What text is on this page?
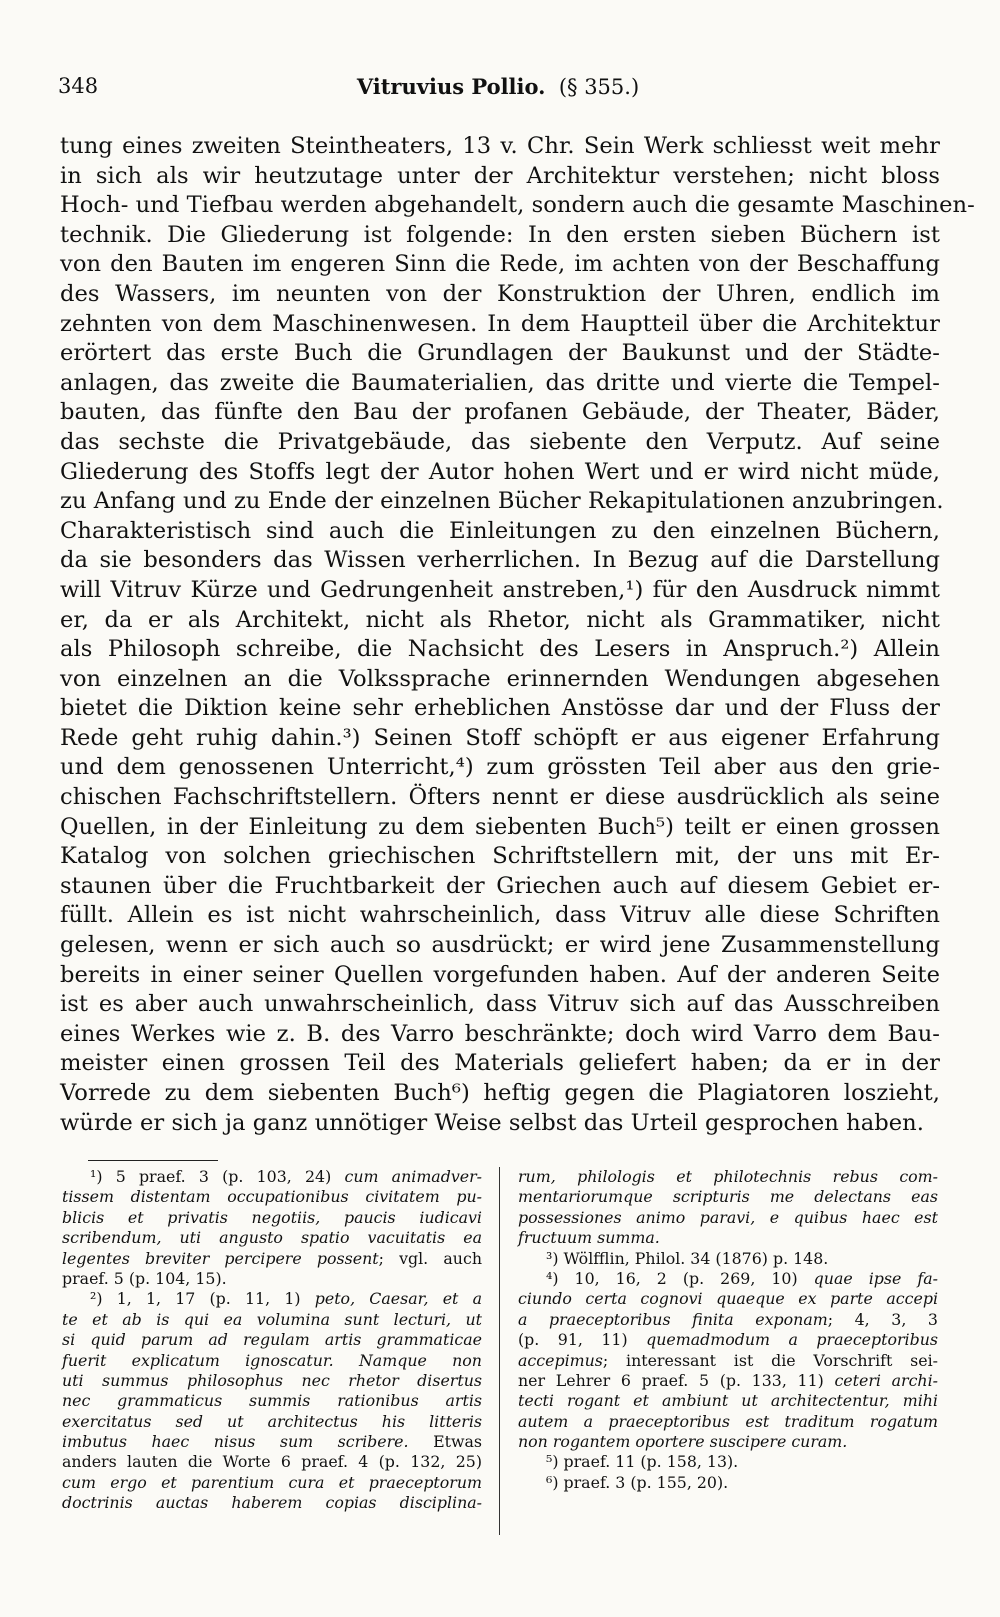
348	Vitruvius Pollio. (§ 355.)
tung eines zweiten Steintheaters, 13 v. Chr. Sein Werk schliesst weit mehr
in sich als wir heutzutage unter der Architektur verstehen; nicht bloss
Hoch- und Tiefbau werden abgehandelt, sondern auch die gesamte Maschinen-
technik. Die Gliederung ist folgende: In den ersten sieben Büchern ist
von den Bauten im engeren Sinn die Rede, im achten von der Beschaffung
des Wassers, im neunten von der Konstruktion der Uhren, endlich im
zehnten von dem Maschinenwesen. In dem Hauptteil über die Architektur
erörtert das erste Buch die Grundlagen der Baukunst und der Städte-
anlagen, das zweite die Baumaterialien, das dritte und vierte die Tempel-
bauten, das fünfte den Bau der profanen Gebäude, der Theater, Bäder,
das sechste die Privatgebäude, das siebente den Verputz. Auf seine
Gliederung des Stoffs legt der Autor hohen Wert und er wird nicht müde,
zu Anfang und zu Ende der einzelnen Bücher Rekapitulationen anzubringen.
Charakteristisch sind auch die Einleitungen zu den einzelnen Büchern,
da sie besonders das Wissen verherrlichen. In Bezug auf die Darstellung
will Vitruv Kürze und Gedrungenheit anstreben,¹) für den Ausdruck nimmt
er, da er als Architekt, nicht als Rhetor, nicht als Grammatiker, nicht
als Philosoph schreibe, die Nachsicht des Lesers in Anspruch.²) Allein
von einzelnen an die Volkssprache erinnernden Wendungen abgesehen
bietet die Diktion keine sehr erheblichen Anstösse dar und der Fluss der
Rede geht ruhig dahin.³) Seinen Stoff schöpft er aus eigener Erfahrung
und dem genossenen Unterricht,⁴) zum grössten Teil aber aus den grie-
chischen Fachschriftstellern. Öfters nennt er diese ausdrücklich als seine
Quellen, in der Einleitung zu dem siebenten Buch⁵) teilt er einen grossen
Katalog von solchen griechischen Schriftstellern mit, der uns mit Er-
staunen über die Fruchtbarkeit der Griechen auch auf diesem Gebiet er-
füllt. Allein es ist nicht wahrscheinlich, dass Vitruv alle diese Schriften
gelesen, wenn er sich auch so ausdrückt; er wird jene Zusammenstellung
bereits in einer seiner Quellen vorgefunden haben. Auf der anderen Seite
ist es aber auch unwahrscheinlich, dass Vitruv sich auf das Ausschreiben
eines Werkes wie z. B. des Varro beschränkte; doch wird Varro dem Bau-
meister einen grossen Teil des Materials geliefert haben; da er in der
Vorrede zu dem siebenten Buch⁶) heftig gegen die Plagiatoren loszieht,
würde er sich ja ganz unnötiger Weise selbst das Urteil gesprochen haben.
¹) 5 praef. 3 (p. 103, 24) cum animadver-
tissem distentam occupationibus civitatem pu-
blicis et privatis negotiis, paucis iudicavi
scribendum, uti angusto spatio vacuitatis ea
legentes breviter percipere possent; vgl. auch
praef. 5 (p. 104, 15).
²) 1, 1, 17 (p. 11, 1) peto, Caesar, et a
te et ab is qui ea volumina sunt lecturi, ut
si quid parum ad regulam artis grammaticae
fuerit explicatum ignoscatur. Namque non
uti summus philosophus nec rhetor disertus
nec grammaticus summis rationibus artis
exercitatus sed ut architectus his litteris
imbutus haec nisus sum scribere. Etwas
anders lauten die Worte 6 praef. 4 (p. 132, 25)
cum ergo et parentium cura et praeceptorum
doctrinis auctas haberem copias disciplina-
rum, philologis et philotechnis rebus com-
mentariorumque scripturis me delectans eas
possessiones animo paravi, e quibus haec est
fructuum summa.
³) Wölfflin, Philol. 34 (1876) p. 148.
⁴) 10, 16, 2 (p. 269, 10) quae ipse fa-
ciundo certa cognovi quaeque ex parte accepi
a praeceptoribus finita exponam; 4, 3, 3
(p. 91, 11) quemadmodum a praeceptoribus
accepimus; interessant ist die Vorschrift sei-
ner Lehrer 6 praef. 5 (p. 133, 11) ceteri archi-
tecti rogant et ambiunt ut architectentur, mihi
autem a praeceptoribus est traditum rogatum
non rogantem oportere suscipere curam.
⁵) praef. 11 (p. 158, 13).
⁶) praef. 3 (p. 155, 20).
